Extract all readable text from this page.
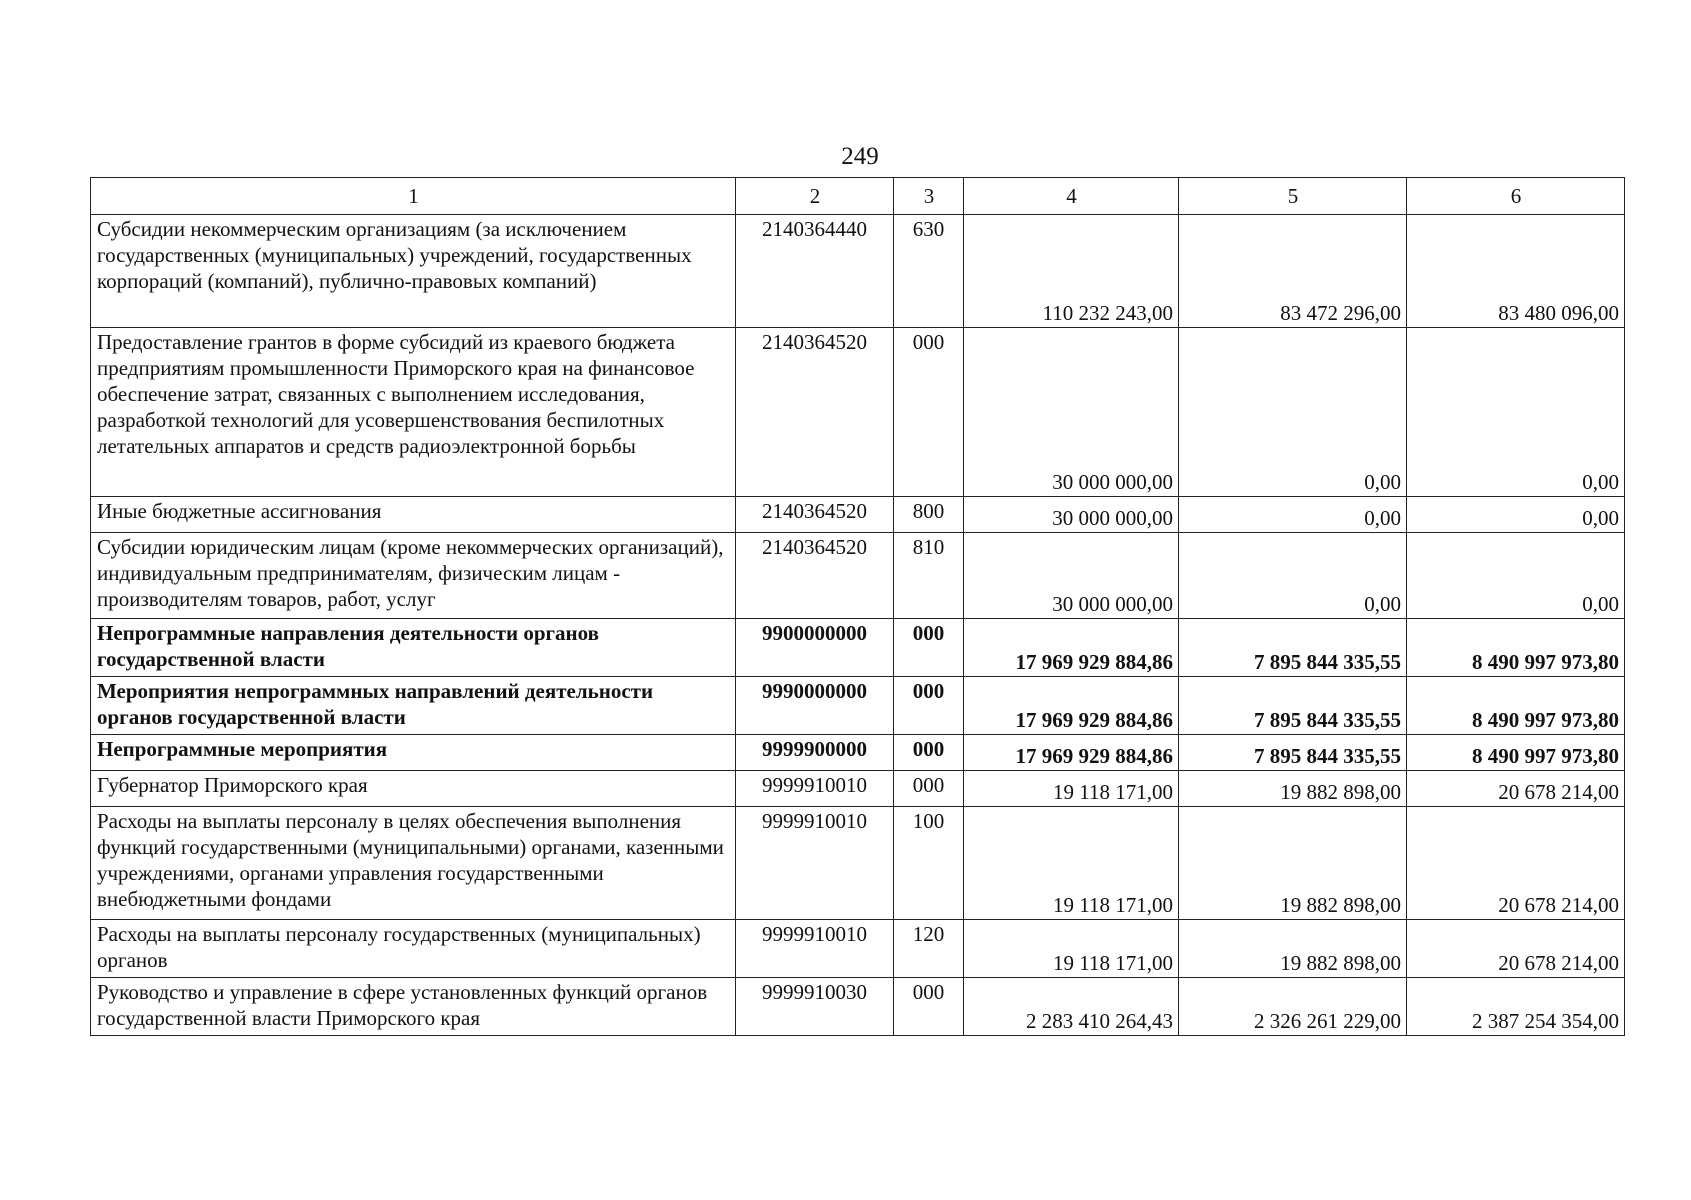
249
1	2	3	4	5	6
Субсидии некоммерческим организациям (за исключением государственных (муниципальных) учреждений, государственных корпораций (компаний), публично-правовых компаний)	2140364440	630	110 232 243,00	83 472 296,00	83 480 096,00
Предоставление грантов в форме субсидий из краевого бюджета предприятиям промышленности Приморского края на финансовое обеспечение затрат, связанных с выполнением исследования, разработкой технологий для усовершенствования беспилотных летательных аппаратов и средств радиоэлектронной борьбы	2140364520	000	30 000 000,00	0,00	0,00
Иные бюджетные ассигнования	2140364520	800	30 000 000,00	0,00	0,00
Субсидии юридическим лицам (кроме некоммерческих организаций), индивидуальным предпринимателям, физическим лицам - производителям товаров, работ, услуг	2140364520	810	30 000 000,00	0,00	0,00
Непрограммные направления деятельности органов государственной власти	9900000000	000	17 969 929 884,86	7 895 844 335,55	8 490 997 973,80
Мероприятия непрограммных направлений деятельности органов государственной власти	9990000000	000	17 969 929 884,86	7 895 844 335,55	8 490 997 973,80
Непрограммные мероприятия	9999900000	000	17 969 929 884,86	7 895 844 335,55	8 490 997 973,80
Губернатор Приморского края	9999910010	000	19 118 171,00	19 882 898,00	20 678 214,00
Расходы на выплаты персоналу в целях обеспечения выполнения функций государственными (муниципальными) органами, казенными учреждениями, органами управления государственными внебюджетными фондами	9999910010	100	19 118 171,00	19 882 898,00	20 678 214,00
Расходы на выплаты персоналу государственных (муниципальных) органов	9999910010	120	19 118 171,00	19 882 898,00	20 678 214,00
Руководство и управление в сфере установленных функций органов государственной власти Приморского края	9999910030	000	2 283 410 264,43	2 326 261 229,00	2 387 254 354,00
